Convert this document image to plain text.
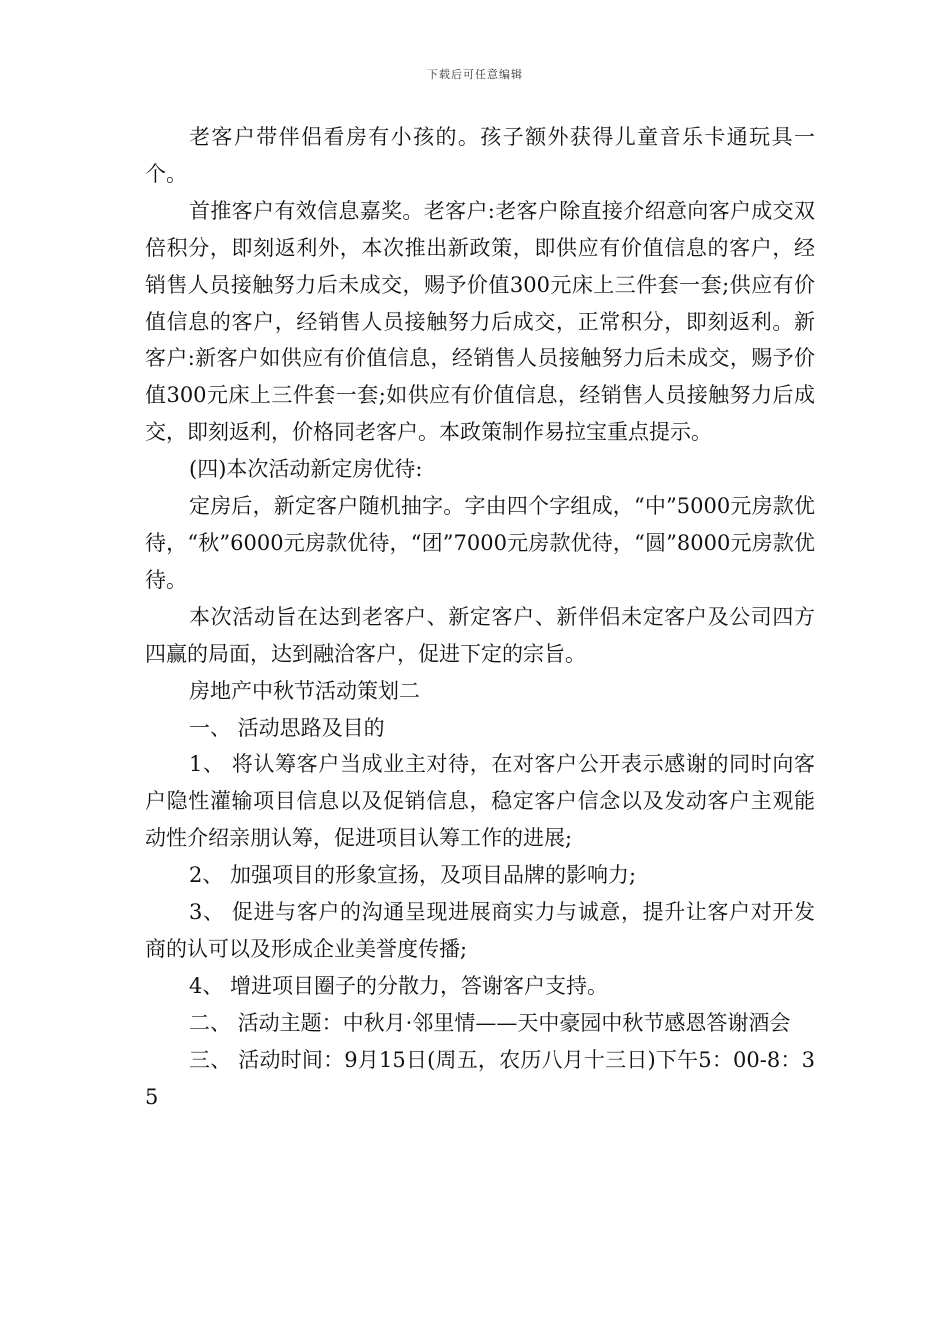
下载后可任意编辑

老客户带伴侣看房有小孩的。孩子额外获得儿童音乐卡通玩具一个。

首推客户有效信息嘉奖。老客户:老客户除直接介绍意向客户成交双倍积分，即刻返利外，本次推出新政策，即供应有价值信息的客户，经销售人员接触努力后未成交，赐予价值300元床上三件套一套;供应有价值信息的客户，经销售人员接触努力后成交，正常积分，即刻返利。新客户:新客户如供应有价值信息，经销售人员接触努力后未成交，赐予价值300元床上三件套一套;如供应有价值信息，经销售人员接触努力后成交，即刻返利，价格同老客户。本政策制作易拉宝重点提示。

(四)本次活动新定房优待:

定房后，新定客户随机抽字。字由四个字组成，“中”5000元房款优待，“秋”6000元房款优待，“团”7000元房款优待，“圆”8000元房款优待。

本次活动旨在达到老客户、新定客户、新伴侣未定客户及公司四方四赢的局面，达到融洽客户，促进下定的宗旨。

房地产中秋节活动策划二

一、 活动思路及目的

1、 将认筹客户当成业主对待，在对客户公开表示感谢的同时向客户隐性灌输项目信息以及促销信息，稳定客户信念以及发动客户主观能动性介绍亲朋认筹，促进项目认筹工作的进展;

2、 加强项目的形象宣扬，及项目品牌的影响力;

3、 促进与客户的沟通呈现进展商实力与诚意，提升让客户对开发商的认可以及形成企业美誉度传播;

4、 增进项目圈子的分散力，答谢客户支持。

二、 活动主题：中秋月·邻里情——天中豪园中秋节感恩答谢酒会

三、 活动时间：9月15日(周五，农历八月十三日)下午5：00-8：35
